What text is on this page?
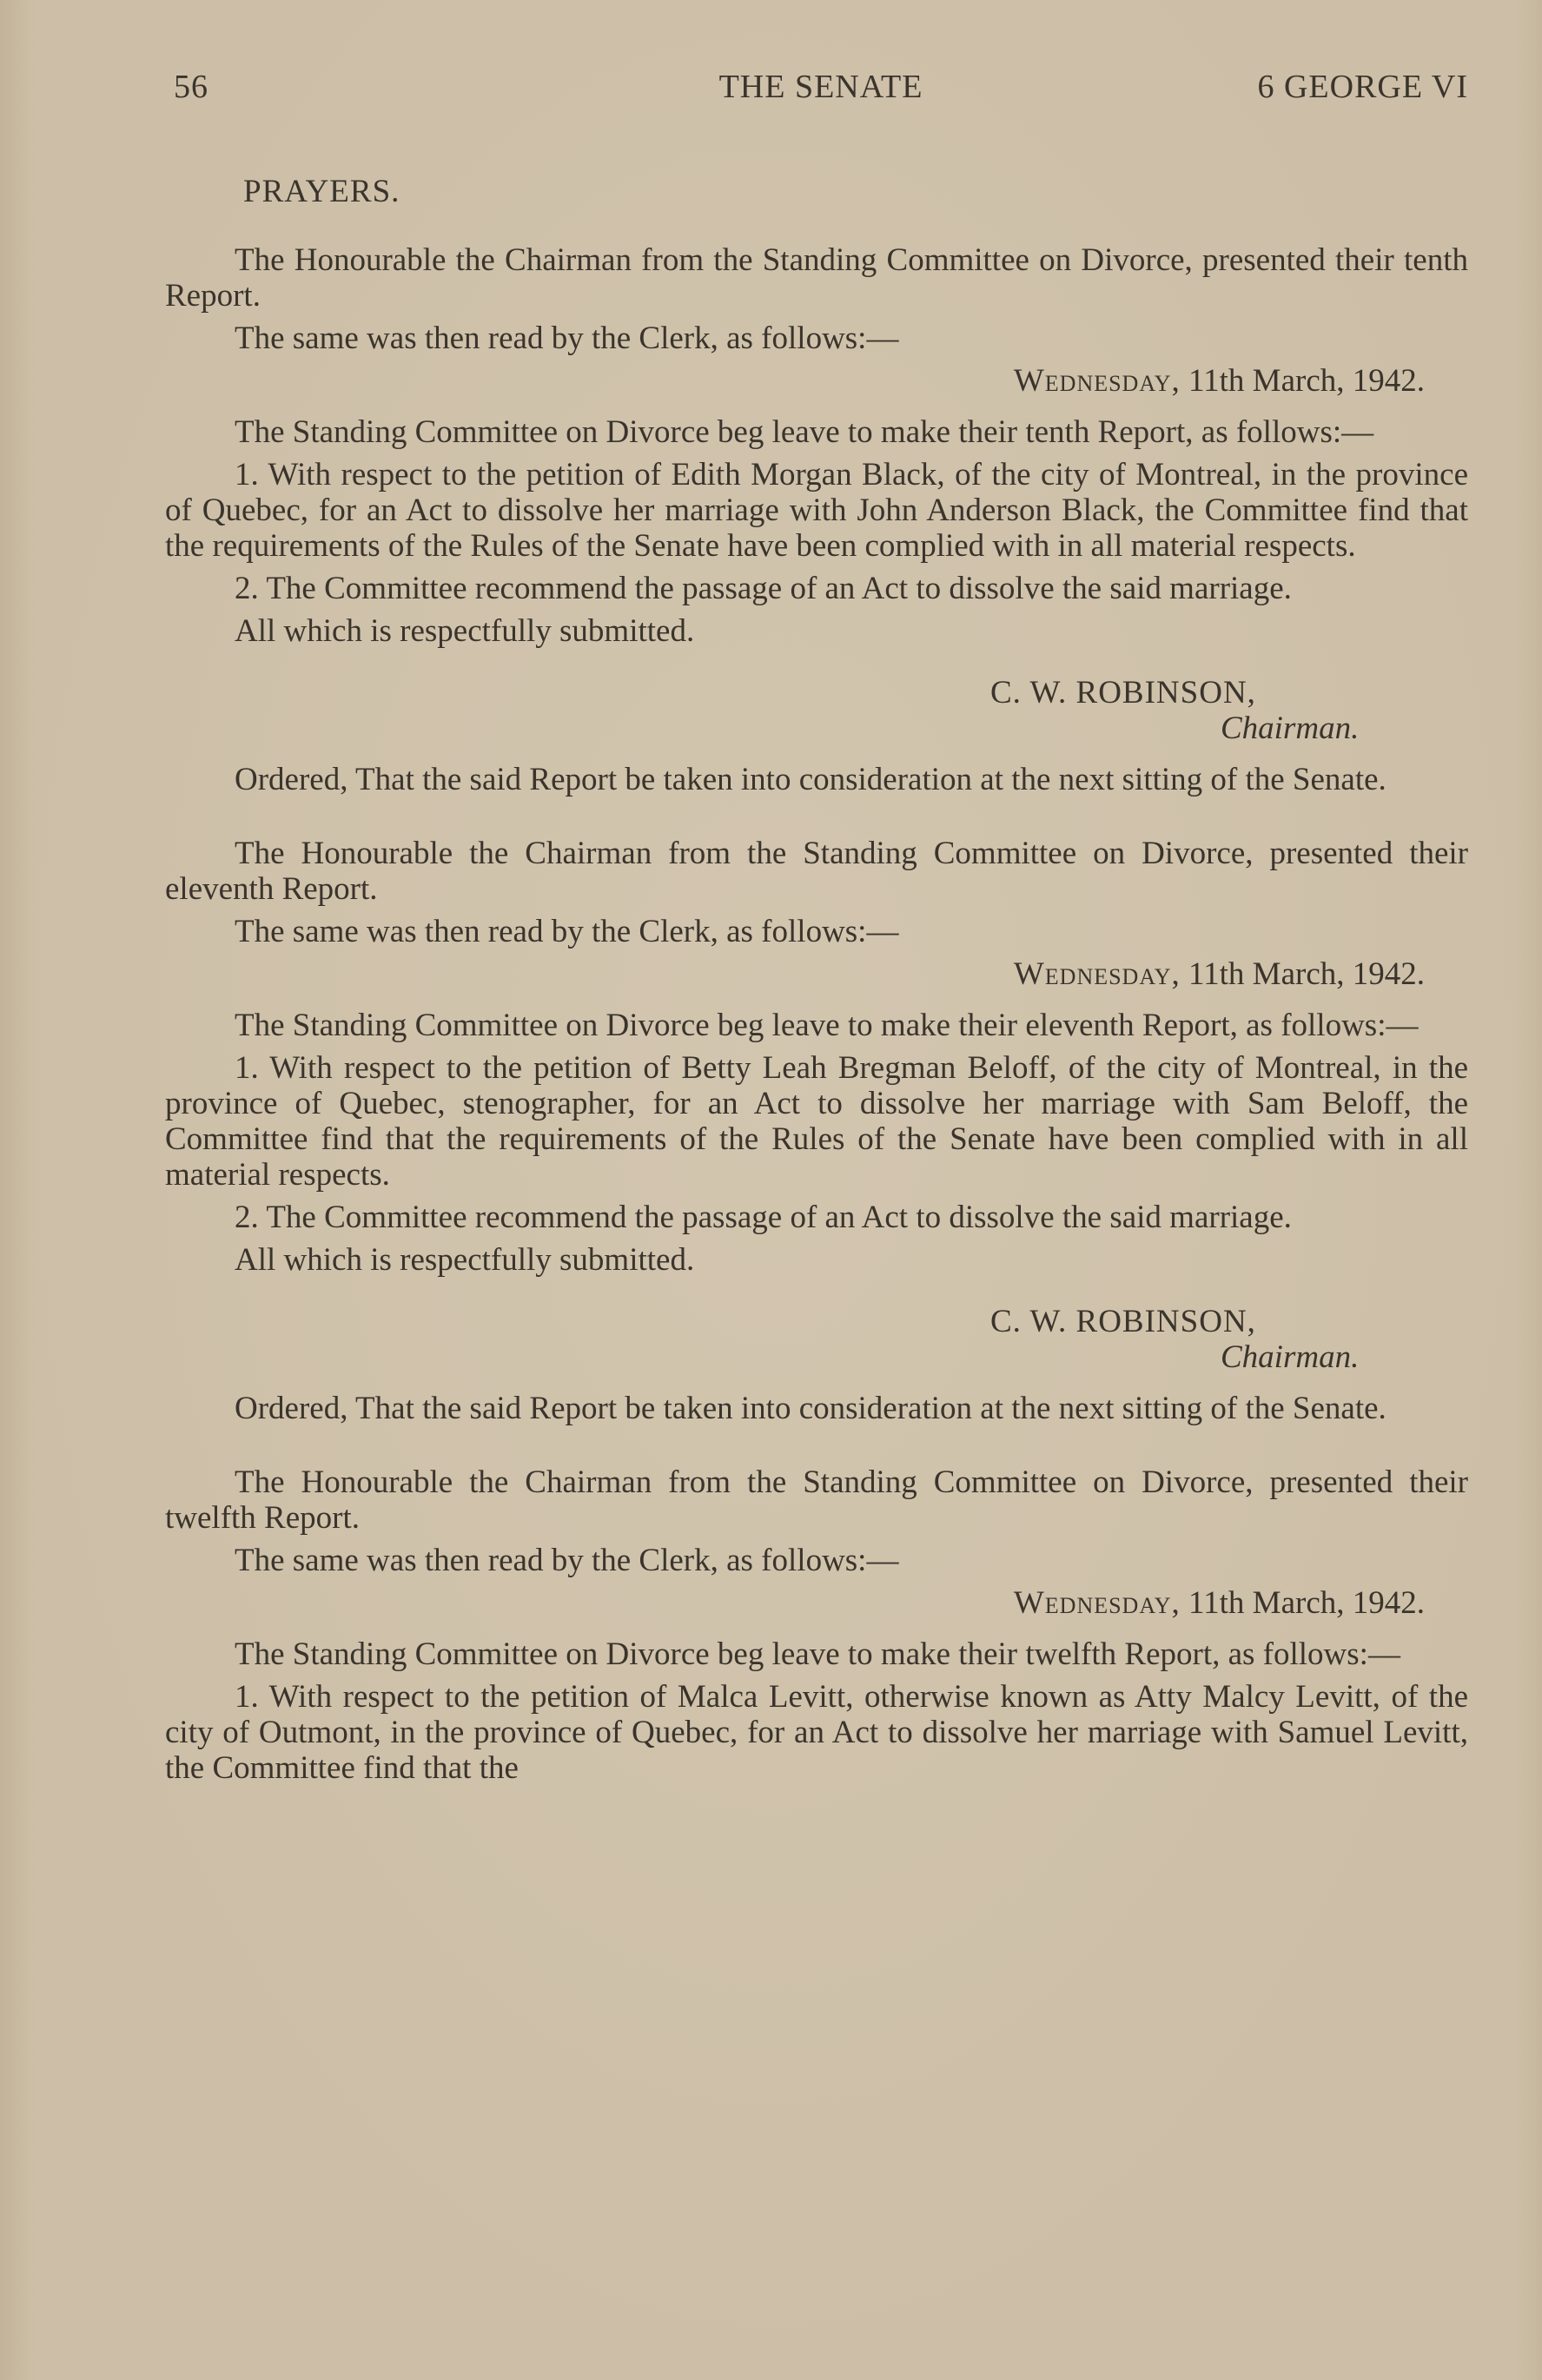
56	THE SENATE	6 GEORGE VI

PRAYERS.

The Honourable the Chairman from the Standing Committee on Divorce, presented their tenth Report.

The same was then read by the Clerk, as follows:—

Wednesday, 11th March, 1942.

The Standing Committee on Divorce beg leave to make their tenth Report, as follows:—

1. With respect to the petition of Edith Morgan Black, of the city of Montreal, in the province of Quebec, for an Act to dissolve her marriage with John Anderson Black, the Committee find that the requirements of the Rules of the Senate have been complied with in all material respects.

2. The Committee recommend the passage of an Act to dissolve the said marriage.

All which is respectfully submitted.

C. W. ROBINSON,
Chairman.

Ordered, That the said Report be taken into consideration at the next sitting of the Senate.

The Honourable the Chairman from the Standing Committee on Divorce, presented their eleventh Report.

The same was then read by the Clerk, as follows:—

Wednesday, 11th March, 1942.

The Standing Committee on Divorce beg leave to make their eleventh Report, as follows:—

1. With respect to the petition of Betty Leah Bregman Beloff, of the city of Montreal, in the province of Quebec, stenographer, for an Act to dissolve her marriage with Sam Beloff, the Committee find that the requirements of the Rules of the Senate have been complied with in all material respects.

2. The Committee recommend the passage of an Act to dissolve the said marriage.

All which is respectfully submitted.

C. W. ROBINSON,
Chairman.

Ordered, That the said Report be taken into consideration at the next sitting of the Senate.

The Honourable the Chairman from the Standing Committee on Divorce, presented their twelfth Report.

The same was then read by the Clerk, as follows:—

Wednesday, 11th March, 1942.

The Standing Committee on Divorce beg leave to make their twelfth Report, as follows:—

1. With respect to the petition of Malca Levitt, otherwise known as Atty Malcy Levitt, of the city of Out​​mont, in the province of Quebec, for an Act to dissolve her marriage with Samuel Levitt, the Committee find that the
